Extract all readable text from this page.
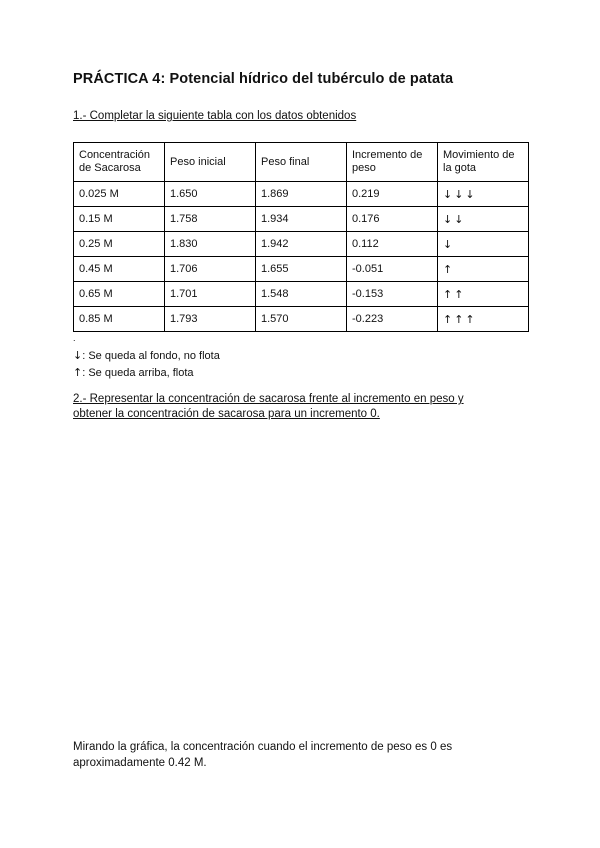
PRÁCTICA 4: Potencial hídrico del tubérculo de patata
1.- Completar la siguiente tabla con los datos obtenidos
Concentración de Sacarosa	Peso inicial	Peso final	Incremento de peso	Movimiento de la gota
0.025 M	1.650	1.869	0.219	↓↓↓
0.15 M	1.758	1.934	0.176	↓↓
0.25 M	1.830	1.942	0.112	↓
0.45 M	1.706	1.655	-0.051	↑
0.65 M	1.701	1.548	-0.153	↑↑
0.85 M	1.793	1.570	-0.223	↑↑↑
.
↓: Se queda al fondo, no flota
↑: Se queda arriba, flota
2.- Representar la concentración de sacarosa frente al incremento en peso y obtener la concentración de sacarosa para un incremento 0.
Mirando la gráfica, la concentración cuando el incremento de peso es 0 es aproximadamente 0.42 M.
